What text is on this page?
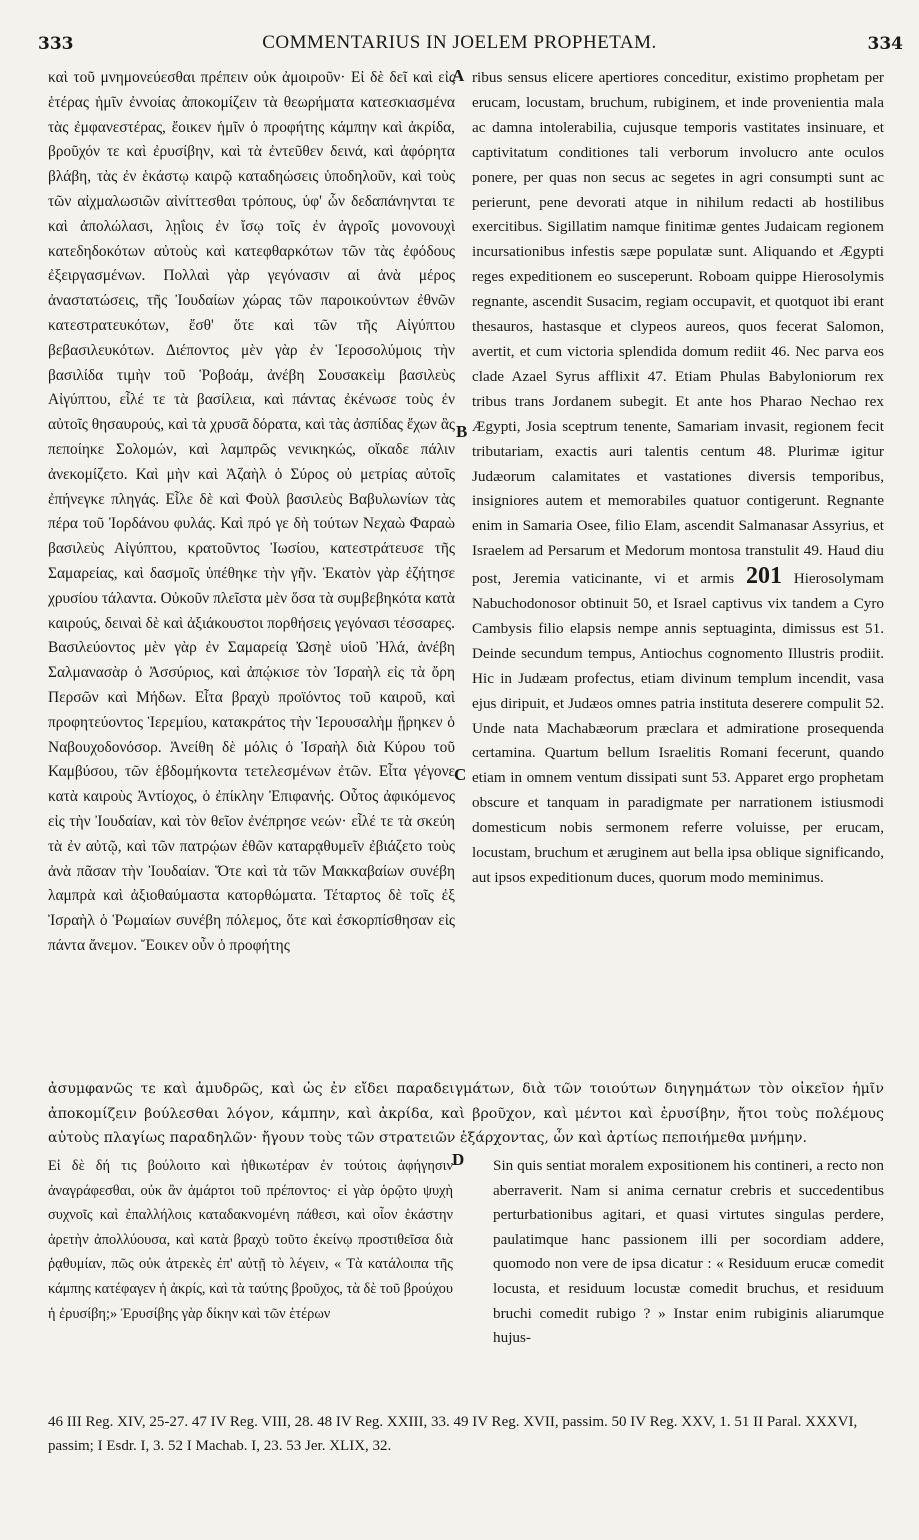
333	COMMENTARIUS IN JOELEM PROPHETAM.	334
A
B
C
D

καὶ τοῦ μνημονεύεσθαι πρέπειν οὐκ ἀμοιροῦν· Εἰ δὲ δεῖ καὶ εἰς ἑτέρας ἡμῖν ἐννοίας ἀποκομίζειν τὰ θεωρήματα κατεσκιασμένα τὰς ἐμφανεστέρας, ἔοικεν ἡμῖν ὁ προφήτης κάμπην καὶ ἀκρίδα, βροῦχόν τε καὶ ἐρυσίβην, καὶ τὰ ἐντεῦθεν δεινά, καὶ ἀφόρητα βλάβη, τὰς ἐν ἑκάστῳ καιρῷ καταδηώσεις ὑποδηλοῦν, καὶ τοὺς τῶν αἰχμαλωσιῶν αἰνίττεσθαι τρόπους, ὑφ' ὧν δεδαπάνηνται τε καὶ ἀπολώλασι, λῃΐοις ἐν ἴσῳ τοῖς ἐν ἀγροῖς μονονουχὶ κατεδηδοκότων αὐτοὺς καὶ κατεφθαρκότων τῶν τὰς ἐφόδους ἐξειργασμένων. Πολλαὶ γὰρ γεγόνασιν αἱ ἀνὰ μέρος ἀναστατώσεις, τῆς Ἰουδαίων χώρας τῶν παροικούντων ἐθνῶν κατεστρατευκότων, ἔσθ' ὅτε καὶ τῶν τῆς Αἰγύπτου βεβασιλευκότων. Διέποντος μὲν γὰρ ἐν Ἱεροσολύμοις τὴν βασιλίδα τιμὴν τοῦ Ῥοβοάμ, ἀνέβη Σουσακεὶμ βασιλεὺς Αἰγύπτου, εἷλέ τε τὰ βασίλεια, καὶ πάντας ἐκένωσε τοὺς ἐν αὐτοῖς θησαυρούς, καὶ τὰ χρυσᾶ δόρατα, καὶ τὰς ἀσπίδας ἔχων ἃς πεποίηκε Σολομών, καὶ λαμπρῶς νενικηκώς, οἴκαδε πάλιν ἀνεκομίζετο. Καὶ μὴν καὶ Ἀζαὴλ ὁ Σύρος οὐ μετρίας αὐτοῖς ἐπήνεγκε πληγάς. Εἷλε δὲ καὶ Φοὺλ βασιλεὺς Βαβυλωνίων τὰς πέρα τοῦ Ἰορδάνου φυλάς. Καὶ πρό γε δὴ τούτων Νεχαὼ Φαραὼ βασιλεὺς Αἰγύπτου, κρατοῦντος Ἰωσίου, κατεστράτευσε τῆς Σαμαρείας, καὶ δασμοῖς ὑπέθηκε τὴν γῆν. Ἑκατὸν γὰρ ἐζήτησε χρυσίου τάλαντα. Οὐκοῦν πλεῖστα μὲν ὅσα τὰ συμβεβηκότα κατὰ καιρούς, δειναὶ δὲ καὶ ἀξιάκουστοι πορθήσεις γεγόνασι τέσσαρες. Βασιλεύοντος μὲν γὰρ ἐν Σαμαρείᾳ Ὠσηὲ υἱοῦ Ἠλά, ἀνέβη Σαλμανασὰρ ὁ Ἀσσύριος, καὶ ἀπῴκισε τὸν Ἰσραὴλ εἰς τὰ ὄρη Περσῶν καὶ Μήδων. Εἶτα βραχὺ προϊόντος τοῦ καιροῦ, καὶ προφητεύοντος Ἱερεμίου, κατακράτος τὴν Ἱερουσαλὴμ ᾕρηκεν ὁ Ναβουχοδονόσορ. Ἀνείθη δὲ μόλις ὁ Ἰσραὴλ διὰ Κύρου τοῦ Καμβύσου, τῶν ἑβδομήκοντα τετελεσμένων ἐτῶν. Εἶτα γέγονε κατὰ καιροὺς Ἀντίοχος, ὁ ἐπίκλην Ἐπιφανής. Οὗτος ἀφικόμενος εἰς τὴν Ἰουδαίαν, καὶ τὸν θεῖον ἐνέπρησε νεών· εἷλέ τε τὰ σκεύη τὰ ἐν αὐτῷ, καὶ τῶν πατρῴων ἐθῶν καταρᾳθυμεῖν ἐβιάζετο τοὺς ἀνὰ πᾶσαν τὴν Ἰουδαίαν. Ὅτε καὶ τὰ τῶν Μακκαβαίων συνέβη λαμπρὰ καὶ ἀξιοθαύμαστα κατορθώματα. Τέταρτος δὲ τοῖς ἐξ Ἰσραὴλ ὁ Ῥωμαίων συνέβη πόλεμος, ὅτε καὶ ἐσκορπίσθησαν εἰς πάντα ἄνεμον. Ἔοικεν οὖν ὁ προφήτης

ribus sensus elicere apertiores conceditur, existimo prophetam per erucam, locustam, bruchum, rubiginem, et inde provenientia mala ac damna intolerabilia, cujusque temporis vastitates insinuare, et captivitatum conditiones tali verborum involucro ante oculos ponere, per quas non secus ac segetes in agri consumpti sunt ac perierunt, pene devorati atque in nihilum redacti ab hostilibus exercitibus. Sigillatim namque finitimæ gentes Judaicam regionem incursationibus infestis sæpe populatæ sunt. Aliquando et Ægypti reges expeditionem eo susceperunt. Roboam quippe Hierosolymis regnante, ascendit Susacim, regiam occupavit, et quotquot ibi erant thesauros, hastasque et clypeos aureos, quos fecerat Salomon, avertit, et cum victoria splendida domum rediit 46. Nec parva eos clade Azael Syrus afflixit 47. Etiam Phulas Babyloniorum rex tribus trans Jordanem subegit. Et ante hos Pharao Nechao rex Ægypti, Josia sceptrum tenente, Samariam invasit, regionem fecit tributariam, exactis auri talentis centum 48. Plurimæ igitur Judæorum calamitates et vastationes diversis temporibus, insigniores autem et memorabiles quatuor contigerunt. Regnante enim in Samaria Osee, filio Elam, ascendit Salmanasar Assyrius, et Israelem ad Persarum et Medorum montosa transtulit 49. Haud diu post, Jeremia vaticinante, vi et armis 201 Hierosolymam Nabuchodonosor obtinuit 50, et Israel captivus vix tandem a Cyro Cambysis filio elapsis nempe annis septuaginta, dimissus est 51. Deinde secundum tempus, Antiochus cognomento Illustris prodiit. Hic in Judæam profectus, etiam divinum templum incendit, vasa ejus diripuit, et Judæos omnes patria instituta deserere compulit 52. Unde nata Machabæorum præclara et admiratione prosequenda certamina. Quartum bellum Israelitis Romani fecerunt, quando etiam in omnem ventum dissipati sunt 53. Apparet ergo prophetam obscure et tanquam in paradigmate per narrationem istiusmodi domesticum nobis sermonem referre voluisse, per erucam, locustam, bruchum et æruginem aut bella ipsa oblique significando, aut ipsos expeditionum duces, quorum modo meminimus.

ἀσυμφανῶς τε καὶ ἀμυδρῶς, καὶ ὡς ἐν εἴδει παραδειγμάτων, διὰ τῶν τοιούτων διηγημάτων τὸν οἰκεῖον ἡμῖν ἀποκομίζειν βούλεσθαι λόγον, κάμπην, καὶ ἀκρίδα, καὶ βροῦχον, καὶ μέντοι καὶ ἐρυσίβην, ἤτοι τοὺς πολέμους αὐτοὺς πλαγίως παραδηλῶν· ἤγουν τοὺς τῶν στρατειῶν ἐξάρχοντας, ὧν καὶ ἀρτίως πεποιήμεθα μνήμην.

Εἰ δὲ δή τις βούλοιτο καὶ ἠθικωτέραν ἐν τούτοις ἀφήγησιν ἀναγράφεσθαι, οὐκ ἂν ἁμάρτοι τοῦ πρέποντος· εἰ γὰρ ὁρῷτο ψυχὴ συχνοῖς καὶ ἐπαλλήλοις καταδακνομένη πάθεσι, καὶ οἷον ἑκάστην ἀρετὴν ἀπολλύουσα, καὶ κατὰ βραχὺ τοῦτο ἐκείνῳ προστιθεῖσα διὰ ῥᾳθυμίαν, πῶς οὐκ ἀτρεκὲς ἐπ' αὐτῇ τὸ λέγειν, « Τὰ κατάλοιπα τῆς κάμπης κατέφαγεν ἡ ἀκρίς, καὶ τὰ ταύτης βροῦχος, τὰ δὲ τοῦ βρούχου ἡ ἐρυσίβη;» Ἐρυσίβης γὰρ δίκην καὶ τῶν ἑτέρων

Sin quis sentiat moralem expositionem his contineri, a recto non aberraverit. Nam si anima cernatur crebris et succedentibus perturbationibus agitari, et quasi virtutes singulas perdere, paulatimque hanc passionem illi per socordiam addere, quomodo non vere de ipsa dicatur : « Residuum erucæ comedit locusta, et residuum locustæ comedit bruchus, et residuum bruchi comedit rubigo ? » Instar enim rubiginis aliarumque hujus-

46 III Reg. XIV, 25-27. 47 IV Reg. VIII, 28. 48 IV Reg. XXIII, 33. 49 IV Reg. XVII, passim. 50 IV Reg. XXV, 1. 51 II Paral. XXXVI, passim; I Esdr. I, 3. 52 I Machab. I, 23. 53 Jer. XLIX, 32.
